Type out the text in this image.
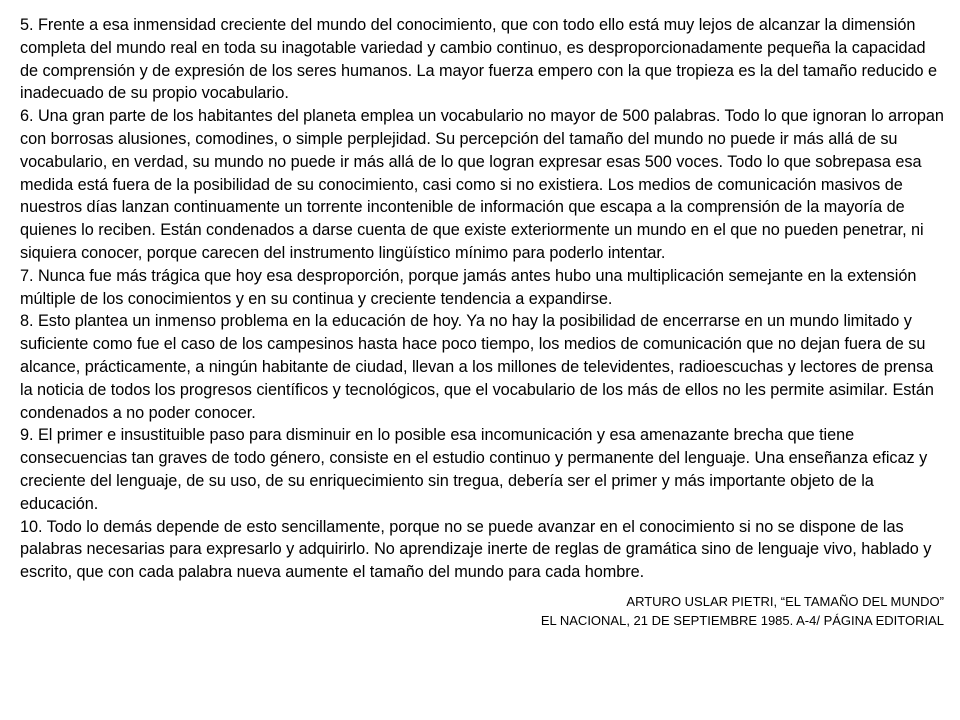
5. Frente a esa inmensidad creciente del mundo del conocimiento, que con todo ello está muy lejos de alcanzar la dimensión completa del mundo real en toda su inagotable variedad y cambio continuo, es desproporcionadamente pequeña la capacidad de comprensión y de expresión de los seres humanos. La mayor fuerza empero con la que tropieza es la del tamaño reducido e inadecuado de su propio vocabulario.

6. Una gran parte de los habitantes del planeta emplea un vocabulario no mayor de 500 palabras. Todo lo que ignoran lo arropan con borrosas alusiones, comodines, o simple perplejidad. Su percepción del tamaño del mundo no puede ir más allá de su vocabulario, en verdad, su mundo no puede ir más allá de lo que logran expresar esas 500 voces. Todo lo que sobrepasa esa medida está fuera de la posibilidad de su conocimiento, casi como si no existiera. Los medios de comunicación masivos de nuestros días lanzan continuamente un torrente incontenible de información que escapa a la comprensión de la mayoría de quienes lo reciben. Están condenados a darse cuenta de que existe exteriormente un mundo en el que no pueden penetrar, ni siquiera conocer, porque carecen del instrumento lingüístico mínimo para poderlo intentar.

7. Nunca fue más trágica que hoy esa desproporción, porque jamás antes hubo una multiplicación semejante en la extensión múltiple de los conocimientos y en su continua y creciente tendencia a expandirse.

8. Esto plantea un inmenso problema en la educación de hoy. Ya no hay la posibilidad de encerrarse en un mundo limitado y suficiente como fue el caso de los campesinos hasta hace poco tiempo, los medios de comunicación que no dejan fuera de su alcance, prácticamente, a ningún habitante de ciudad, llevan a los millones de televidentes, radioescuchas y lectores de prensa la noticia de todos los progresos científicos y tecnológicos, que el vocabulario de los más de ellos no les permite asimilar. Están condenados a no poder conocer.

9. El primer e insustituible paso para disminuir en lo posible esa incomunicación y esa amenazante brecha que tiene consecuencias tan graves de todo género, consiste en el estudio continuo y permanente del lenguaje. Una enseñanza eficaz y creciente del lenguaje, de su uso, de su enriquecimiento sin tregua, debería ser el primer y más importante objeto de la educación.

10. Todo lo demás depende de esto sencillamente, porque no se puede avanzar en el conocimiento si no se dispone de las palabras necesarias para expresarlo y adquirirlo. No aprendizaje inerte de reglas de gramática sino de lenguaje vivo, hablado y escrito, que con cada palabra nueva aumente el tamaño del mundo para cada hombre.

ARTURO USLAR PIETRI, “EL TAMAÑO DEL MUNDO”
EL NACIONAL, 21 DE SEPTIEMBRE 1985. A-4/ PÁGINA EDITORIAL
